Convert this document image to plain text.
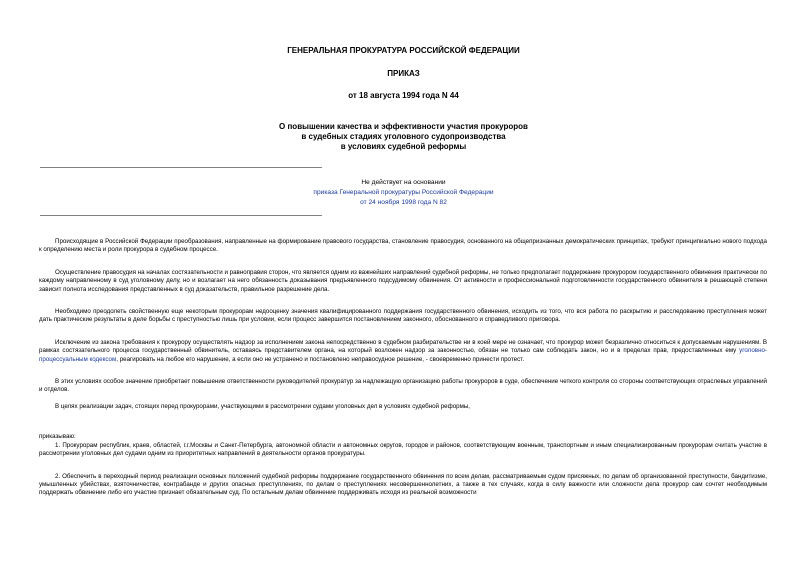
ГЕНЕРАЛЬНАЯ ПРОКУРАТУРА РОССИЙСКОЙ ФЕДЕРАЦИИ
ПРИКАЗ
от 18 августа 1994 года N 44
О повышении качества и эффективности участия прокуроров
в судебных стадиях уголовного судопроизводства
в условиях судебной реформы
Не действует на основании
приказа Генеральной прокуратуры Российской Федерации
от 24 ноября 1998 года N 82

Происходящие в Российской Федерации преобразования, направленные на формирование правового государства, становление правосудия, основанного на общепризнанных демократических принципах, требуют принципиально нового подхода к определению места и роли прокурора в судебном процессе.

Осуществление правосудия на началах состязательности и равноправия сторон, что является одним из важнейших направлений судебной реформы, не только предполагает поддержание прокурором государственного обвинения практически по каждому направленному в суд уголовному делу, но и возлагает на него обязанность доказывания предъявленного подсудимому обвинения. От активности и профессиональной подготовленности государственного обвинителя в решающей степени зависит полнота исследования представленных в суд доказательств, правильное разрешение дела.

Необходимо преодолеть свойственную еще некоторым прокурорам недооценку значения квалифицированного поддержания государственного обвинения, исходить из того, что вся работа по раскрытию и расследованию преступления может дать практические результаты в деле борьбы с преступностью лишь при условии, если процесс завершится постановлением законного, обоснованного и справедливого приговора.

Исключение из закона требования к прокурору осуществлять надзор за исполнением закона непосредственно в судебном разбирательстве ни в коей мере не означает, что прокурор может безразлично относиться к допускаемым нарушениям. В рамках состязательного процесса государственный обвинитель, оставаясь представителем органа, на который возложен надзор за законностью, обязан не только сам соблюдать закон, но и в пределах прав, предоставленных ему уголовно-процессуальным кодексом, реагировать на любое его нарушение, а если оно не устранено и постановлено неправосудное решение, - своевременно принести протест.

В этих условиях особое значение приобретает повышение ответственности руководителей прокуратур за надлежащую организацию работы прокуроров в суде, обеспечение четкого контроля со стороны соответствующих отраслевых управлений и отделов.

В целях реализации задач, стоящих перед прокурорами, участвующими в рассмотрении судами уголовных дел в условиях судебной реформы,

приказываю:

1. Прокурорам республик, краев, областей, г.г.Москвы и Санкт-Петербурга, автономной области и автономных округов, городов и районов, соответствующим военным, транспортным и иным специализированным прокурорам считать участие в рассмотрении уголовных дел судами одним из приоритетных направлений в деятельности органов прокуратуры.

2. Обеспечить в переходный период реализации основных положений судебной реформы поддержание государственного обвинения по всем делам, рассматриваемым судом присяжных, по делам об организованной преступности, бандитизме, умышленных убийствах, взяточничестве, контрабанде и других опасных преступлениях, по делам о преступлениях несовершеннолетних, а также в тех случаях, когда в силу важности или сложности дела прокурор сам сочтет необходимым поддержать обвинение либо его участие признает обязательным суд. По остальным делам обвинение поддерживать исходя из реальной возможности
